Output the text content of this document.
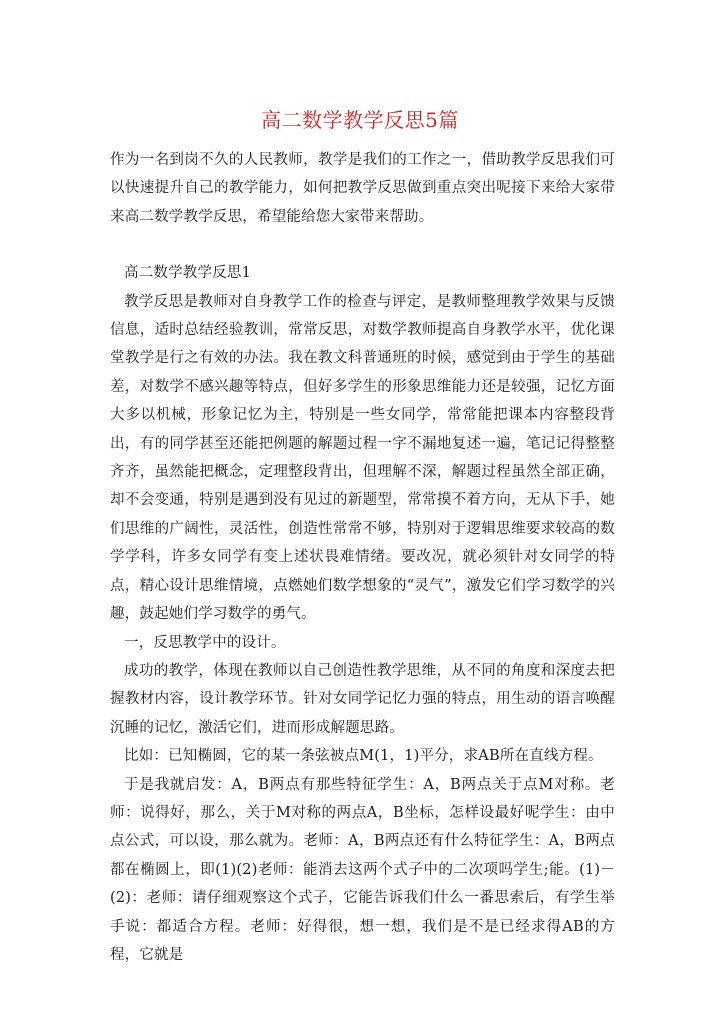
高二数学教学反思5篇

作为一名到岗不久的人民教师，教学是我们的工作之一，借助教学反思我们可以快速提升自己的教学能力，如何把教学反思做到重点突出呢接下来给大家带来高二数学教学反思，希望能给您大家带来帮助。

高二数学教学反思1

教学反思是教师对自身教学工作的检查与评定，是教师整理教学效果与反馈信息，适时总结经验教训，常常反思，对数学教师提高自身教学水平，优化课堂教学是行之有效的办法。我在教文科普通班的时候，感觉到由于学生的基础差，对数学不感兴趣等特点，但好多学生的形象思维能力还是较强，记忆方面大多以机械，形象记忆为主，特别是一些女同学，常常能把课本内容整段背出，有的同学甚至还能把例题的解题过程一字不漏地复述一遍，笔记记得整整齐齐，虽然能把概念，定理整段背出，但理解不深，解题过程虽然全部正确，却不会变通，特别是遇到没有见过的新题型，常常摸不着方向，无从下手，她们思维的广阔性，灵活性，创造性常常不够，特别对于逻辑思维要求较高的数学学科，许多女同学有变上述状畏难情绪。要改况，就必须针对女同学的特点，精心设计思维情境，点燃她们数学想象的“灵气”，激发它们学习数学的兴趣，鼓起她们学习数学的勇气。

一，反思教学中的设计。

成功的教学，体现在教师以自己创造性教学思维，从不同的角度和深度去把握教材内容，设计教学环节。针对女同学记忆力强的特点，用生动的语言唤醒沉睡的记忆，激活它们，进而形成解题思路。

比如：已知椭圆，它的某一条弦被点M(1，1)平分，求AB所在直线方程。

于是我就启发：A，B两点有那些特征学生：A，B两点关于点M对称。老师：说得好，那么，关于M对称的两点A，B坐标，怎样设最好呢学生：由中点公式，可以设，那么就为。老师：A，B两点还有什么特征学生：A，B两点都在椭圆上，即(1)(2)老师：能消去这两个式子中的二次项吗学生;能。(1)－(2)：老师：请仔细观察这个式子，它能告诉我们什么一番思索后，有学生举手说：都适合方程。老师：好得很，想一想，我们是不是已经求得AB的方程，它就是
